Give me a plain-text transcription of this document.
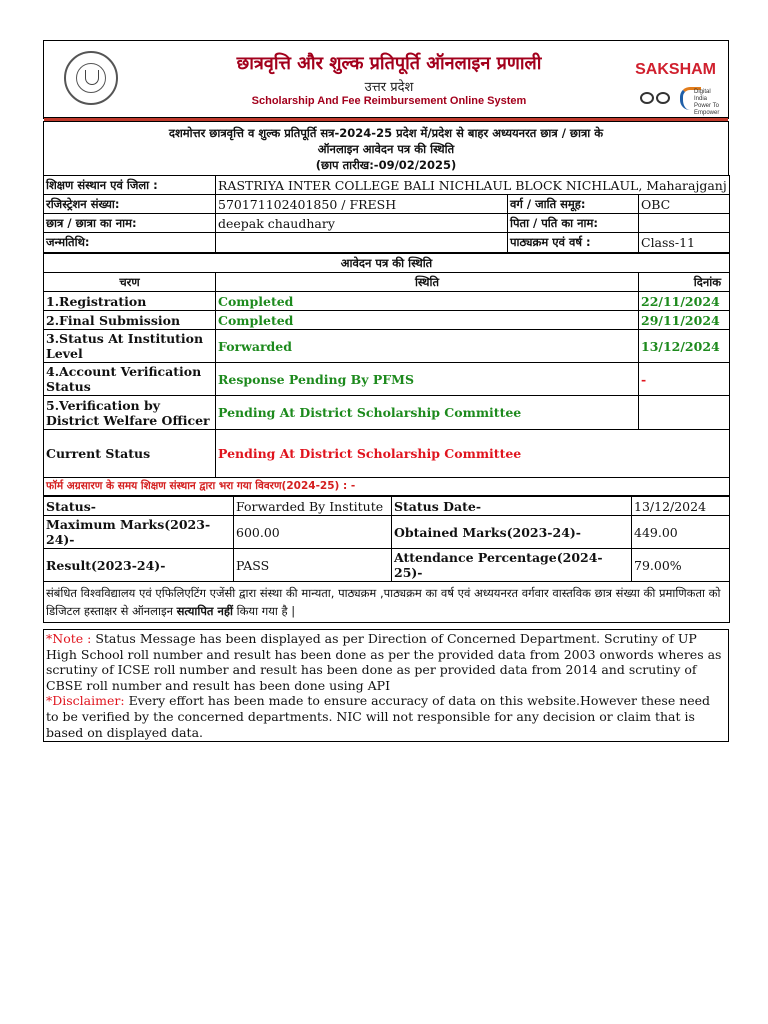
छात्रवृत्ति और शुल्क प्रतिपूर्ति ऑनलाइन प्रणाली
उत्तर प्रदेश
Scholarship And Fee Reimbursement Online System
SAKSHAM
Digital India Power To Empower
दशमोत्तर छात्रवृत्ति व शुल्क प्रतिपूर्ति सत्र-2024-25 प्रदेश में/प्रदेश से बाहर अध्ययनरत छात्र / छात्रा के
ऑनलाइन आवेदन पत्र की स्थिति
(छाप तारीख:-09/02/2025)
शिक्षण संस्थान एवं जिला :	RASTRIYA INTER COLLEGE BALI NICHLAUL BLOCK NICHLAUL, Maharajganj		
रजिस्ट्रेशन संख्या:	570171102401850 / FRESH	वर्ग / जाति समूह:	OBC
छात्र / छात्रा का नाम:	deepak chaudhary	पिता / पति का नाम:	
जन्मतिथि:		पाठ्यक्रम एवं वर्ष :	Class-11
आवेदन पत्र की स्थिति		
चरण	स्थिति	दिनांक
1.Registration	Completed	22/11/2024
2.Final Submission	Completed	29/11/2024
3.Status At Institution Level	Forwarded	13/12/2024
4.Account Verification Status	Response Pending By PFMS	-
5.Verification by District Welfare Officer	Pending At District Scholarship Committee	
Current Status	Pending At District Scholarship Committee	
फॉर्म अग्रसारण के समय शिक्षण संस्थान द्वारा भरा गया विवरण(2024-25) : -		
Status-	Forwarded By Institute	Status Date-	13/12/2024
Maximum Marks(2023-24)-	600.00	Obtained Marks(2023-24)-	449.00
Result(2023-24)-	PASS	Attendance Percentage(2024-25)-	79.00%
संबंधित विश्वविद्यालय एवं एफिलिएटिंग एजेंसी द्वारा संस्था की मान्यता, पाठ्यक्रम ,पाठ्यक्रम का वर्ष एवं अध्ययनरत वर्गवार वास्तविक छात्र संख्या की प्रमाणिकता को डिजिटल हस्ताक्षर से ऑनलाइन सत्यापित नहीं किया गया है |			
*Note : Status Message has been displayed as per Direction of Concerned Department. Scrutiny of UP High School roll number and result has been done as per the provided data from 2003 onwords wheres as scrutiny of ICSE roll number and result has been done as per provided data from 2014 and scrutiny of CBSE roll number and result has been done using API
*Disclaimer: Every effort has been made to ensure accuracy of data on this website.However these need to be verified by the concerned departments. NIC will not responsible for any decision or claim that is based on displayed data.
